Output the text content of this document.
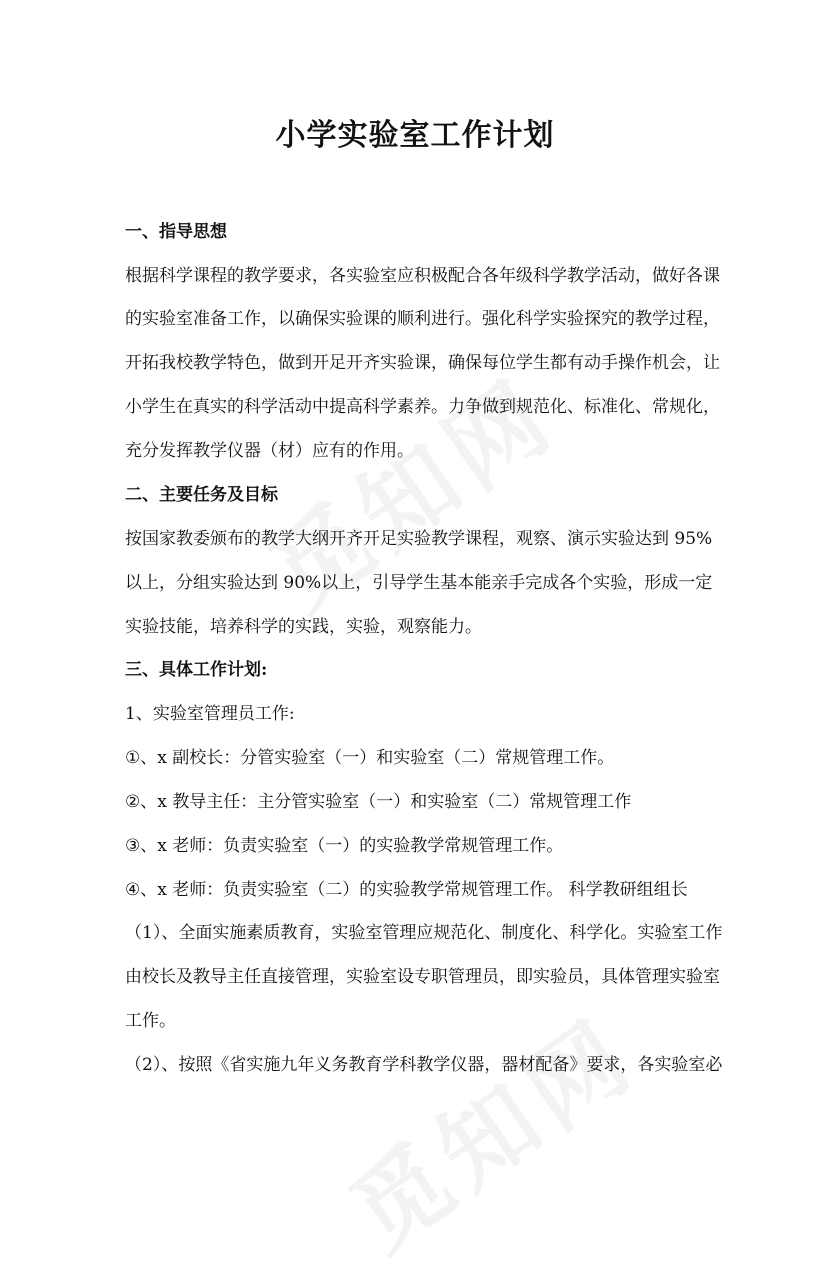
小学实验室工作计划
一、指导思想
根据科学课程的教学要求，各实验室应积极配合各年级科学教学活动，做好各课
的实验室准备工作，以确保实验课的顺利进行。强化科学实验探究的教学过程，
开拓我校教学特色，做到开足开齐实验课，确保每位学生都有动手操作机会，让
小学生在真实的科学活动中提高科学素养。力争做到规范化、标准化、常规化，
充分发挥教学仪器（材）应有的作用。
二、主要任务及目标
按国家教委颁布的教学大纲开齐开足实验教学课程，观察、演示实验达到 95%
以上，分组实验达到 90%以上，引导学生基本能亲手完成各个实验，形成一定
实验技能，培养科学的实践，实验，观察能力。
三、具体工作计划:
1、实验室管理员工作:
①、x 副校长：分管实验室（一）和实验室（二）常规管理工作。
②、x 教导主任：主分管实验室（一）和实验室（二）常规管理工作
③、x 老师：负责实验室（一）的实验教学常规管理工作。
④、x 老师：负责实验室（二）的实验教学常规管理工作。 科学教研组组长
（1）、全面实施素质教育，实验室管理应规范化、制度化、科学化。实验室工作
由校长及教导主任直接管理，实验室设专职管理员，即实验员，具体管理实验室
工作。
（2）、按照《省实施九年义务教育学科教学仪器，器材配备》要求，各实验室必
